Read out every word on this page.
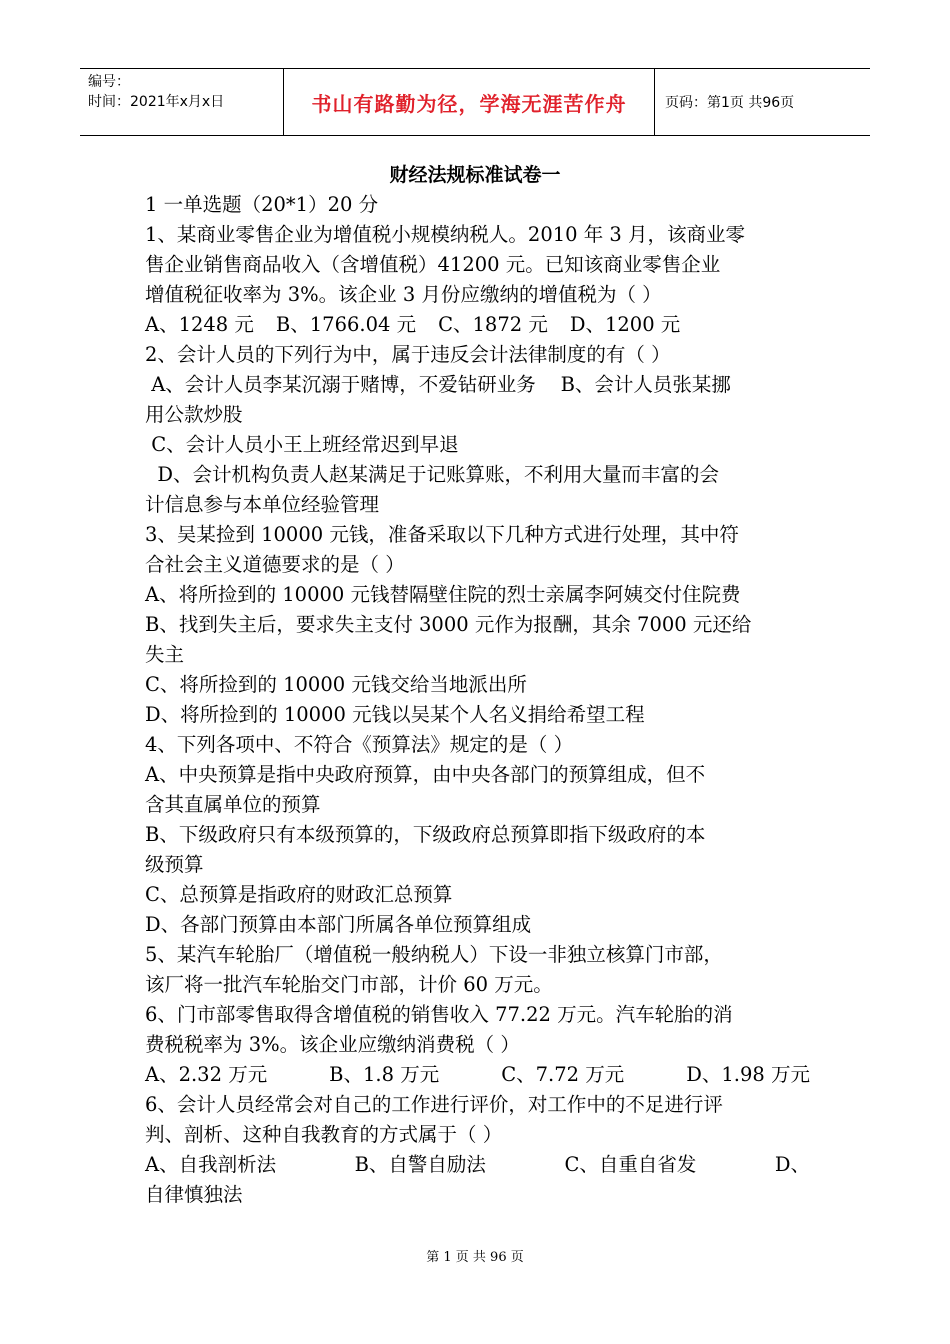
编号：
时间：2021年x月x日	书山有路勤为径，学海无涯苦作舟	页码：第1页 共96页
财经法规标准试卷一

1 一单选题（20*1）20 分

1、某商业零售企业为增值税小规模纳税人。2010 年 3 月，该商业零

售企业销售商品收入（含增值税）41200 元。已知该商业零售企业

增值税征收率为 3%。该企业 3 月份应缴纳的增值税为（ ）

A、1248 元 B、1766.04 元 C、1872 元 D、1200 元

2、会计人员的下列行为中，属于违反会计法律制度的有（ ）

A、会计人员李某沉溺于赌博，不爱钻研业务    B、会计人员张某挪

用公款炒股

C、会计人员小王上班经常迟到早退

D、会计机构负责人赵某满足于记账算账，不利用大量而丰富的会

计信息参与本单位经验管理

3、吴某捡到 10000 元钱，准备采取以下几种方式进行处理，其中符

合社会主义道德要求的是（ ）

A、将所捡到的 10000 元钱替隔壁住院的烈士亲属李阿姨交付住院费

B、找到失主后，要求失主支付 3000 元作为报酬，其余 7000 元还给

失主

C、将所捡到的 10000 元钱交给当地派出所

D、将所捡到的 10000 元钱以吴某个人名义捐给希望工程

4、下列各项中、不符合《预算法》规定的是（ ）

A、中央预算是指中央政府预算，由中央各部门的预算组成，但不

含其直属单位的预算

B、下级政府只有本级预算的，下级政府总预算即指下级政府的本

级预算

C、总预算是指政府的财政汇总预算

D、各部门预算由本部门所属各单位预算组成

5、某汽车轮胎厂（增值税一般纳税人）下设一非独立核算门市部，

该厂将一批汽车轮胎交门市部，计价 60 万元。

6、门市部零售取得含增值税的销售收入 77.22 万元。汽车轮胎的消

费税税率为 3%。该企业应缴纳消费税（ ）

A、2.32 万元	B、1.8 万元	C、7.72 万元	D、1.98 万元

6、会计人员经常会对自己的工作进行评价，对工作中的不足进行评

判、剖析、这种自我教育的方式属于（ ）

A、自我剖析法	B、自警自励法	C、自重自省发	D、

自律慎独法

第 1 页 共 96 页
